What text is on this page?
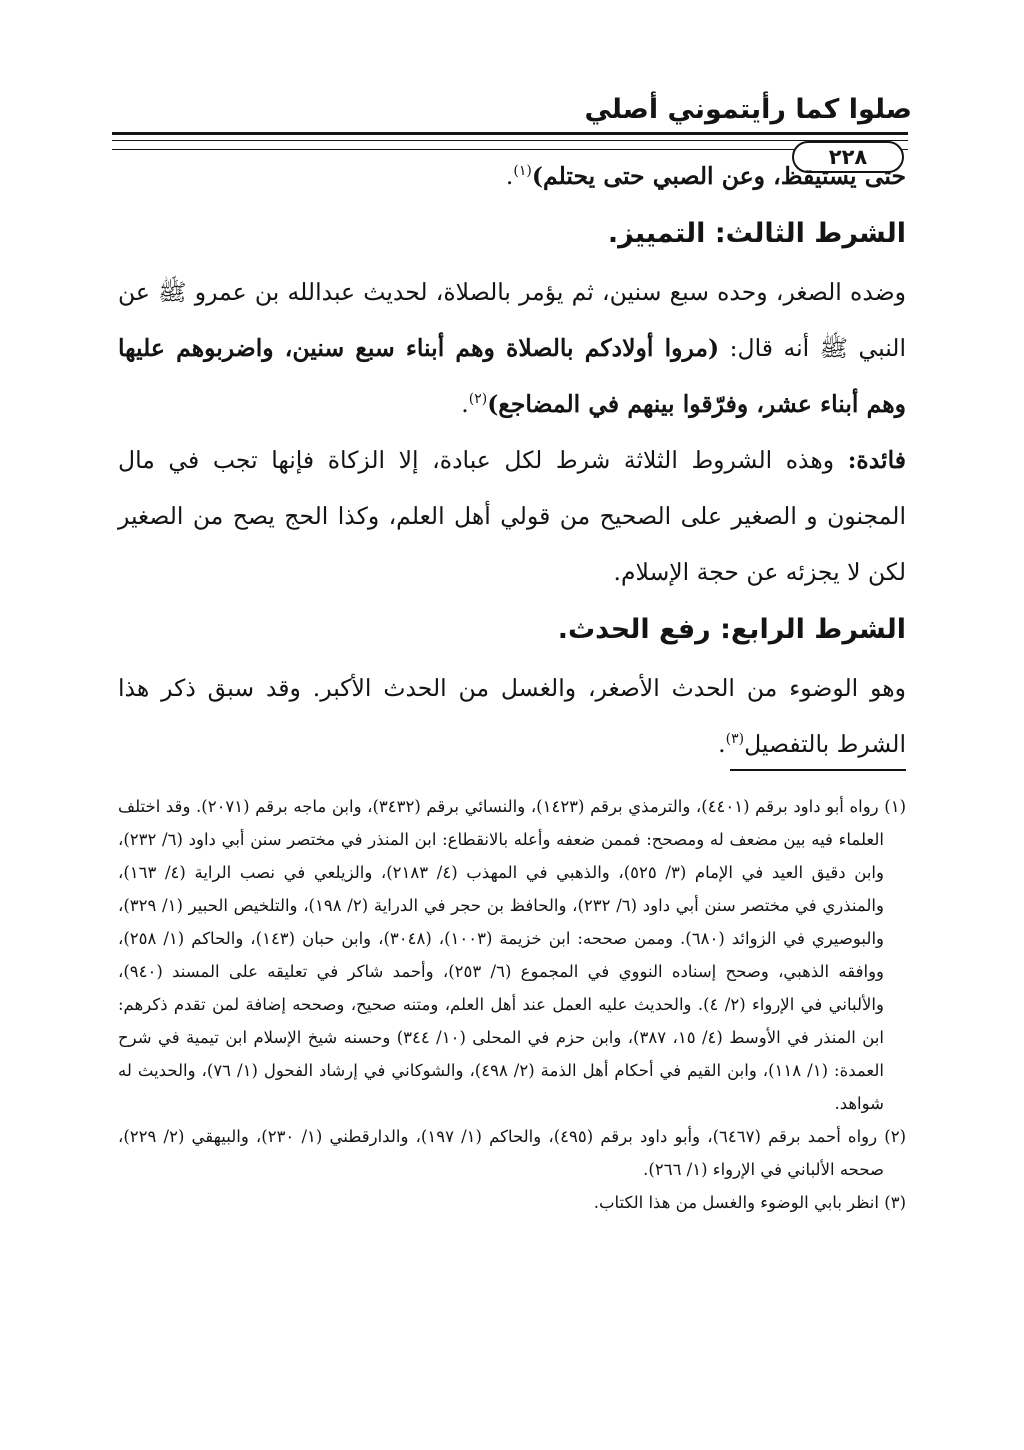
صلوا كما رأيتموني أصلي
٢٢٨

حتى يستيقظ، وعن الصبي حتى يحتلم)$^{(١)}$.

الشرط الثالث: التمييز.

وضده الصغر، وحده سبع سنين، ثم يؤمر بالصلاة، لحديث عبدالله بن عمرو ﷺ عن النبي ﷺ أنه قال: (مروا أولادكم بالصلاة وهم أبناء سبع سنين، واضربوهم عليها وهم أبناء عشر، وفرّقوا بينهم في المضاجع)$^{(٢)}$.

فائدة: وهذه الشروط الثلاثة شرط لكل عبادة، إلا الزكاة فإنها تجب في مال المجنون و الصغير على الصحيح من قولي أهل العلم، وكذا الحج يصح من الصغير لكن لا يجزئه عن حجة الإسلام.

الشرط الرابع: رفع الحدث.

وهو الوضوء من الحدث الأصغر، والغسل من الحدث الأكبر. وقد سبق ذكر هذا الشرط بالتفصيل$^{(٣)}$.

(١) رواه أبو داود برقم (٤٤٠١)، والترمذي برقم (١٤٢٣)، والنسائي برقم (٣٤٣٢)، وابن ماجه برقم (٢٠٧١). وقد اختلف العلماء فيه بين مضعف له ومصحح: فممن ضعفه وأعله بالانقطاع: ابن المنذر في مختصر سنن أبي داود (٦/ ٢٣٢)، وابن دقيق العيد في الإمام (٣/ ٥٢٥)، والذهبي في المهذب (٤/ ٢١٨٣)، والزيلعي في نصب الراية (٤/ ١٦٣)، والمنذري في مختصر سنن أبي داود (٦/ ٢٣٢)، والحافظ بن حجر في الدراية (٢/ ١٩٨)، والتلخيص الحبير (١/ ٣٢٩)، والبوصيري في الزوائد (٦٨٠). وممن صححه: ابن خزيمة (١٠٠٣)، (٣٠٤٨)، وابن حبان (١٤٣)، والحاكم (١/ ٢٥٨)، ووافقه الذهبي، وصحح إسناده النووي في المجموع (٦/ ٢٥٣)، وأحمد شاكر في تعليقه على المسند (٩٤٠)، والألباني في الإرواء (٢/ ٤). والحديث عليه العمل عند أهل العلم، ومتنه صحيح، وصححه إضافة لمن تقدم ذكرهم: ابن المنذر في الأوسط (٤/ ١٥، ٣٨٧)، وابن حزم في المحلى (١٠/ ٣٤٤) وحسنه شيخ الإسلام ابن تيمية في شرح العمدة: (١/ ١١٨)، وابن القيم في أحكام أهل الذمة (٢/ ٤٩٨)، والشوكاني في إرشاد الفحول (١/ ٧٦)، والحديث له شواهد.

(٢) رواه أحمد برقم (٦٤٦٧)، وأبو داود برقم (٤٩٥)، والحاكم (١/ ١٩٧)، والدارقطني (١/ ٢٣٠)، والبيهقي (٢/ ٢٢٩)، صححه الألباني في الإرواء (١/ ٢٦٦).

(٣) انظر بابي الوضوء والغسل من هذا الكتاب.
